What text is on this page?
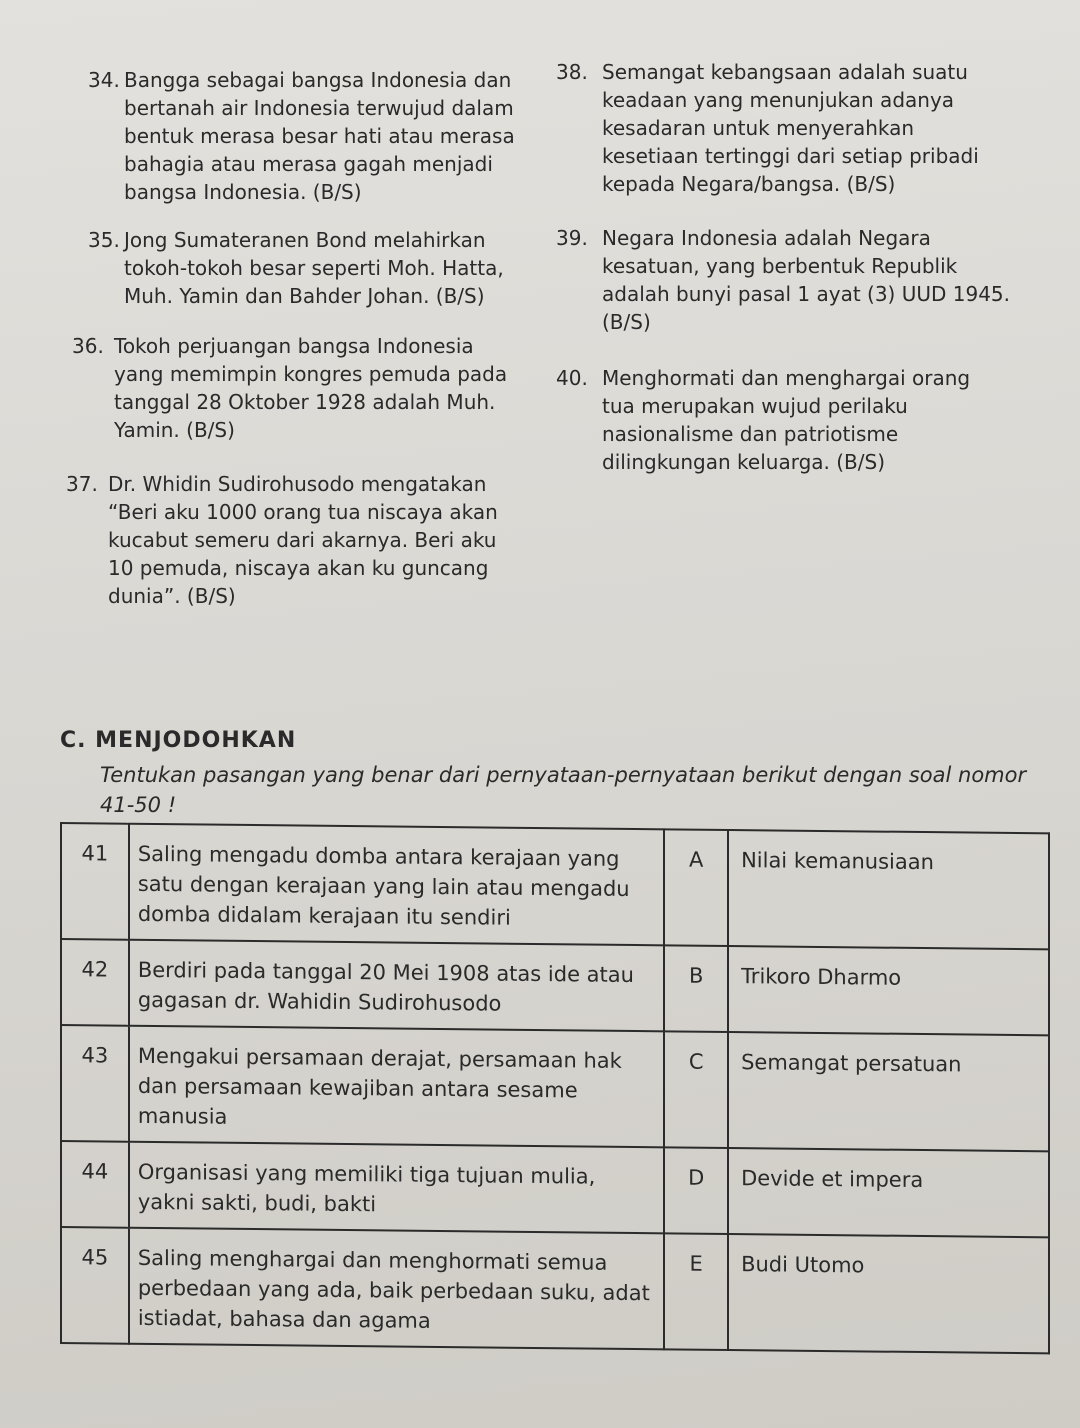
34. Bangga sebagai bangsa Indonesia dan
bertanah air Indonesia terwujud dalam
bentuk merasa besar hati atau merasa
bahagia atau merasa gagah menjadi
bangsa Indonesia. (B/S)
35. Jong Sumateranen Bond melahirkan
tokoh-tokoh besar seperti Moh. Hatta,
Muh. Yamin dan Bahder Johan. (B/S)
36. Tokoh perjuangan bangsa Indonesia
yang memimpin kongres pemuda pada
tanggal 28 Oktober 1928 adalah Muh.
Yamin. (B/S)
37. Dr. Whidin Sudirohusodo mengatakan
“Beri aku 1000 orang tua niscaya akan
kucabut semeru dari akarnya. Beri aku
10 pemuda, niscaya akan ku guncang
dunia”. (B/S)
38. Semangat kebangsaan adalah suatu
keadaan yang menunjukan adanya
kesadaran untuk menyerahkan
kesetiaan tertinggi dari setiap pribadi
kepada Negara/bangsa. (B/S)
39. Negara Indonesia adalah Negara
kesatuan, yang berbentuk Republik
adalah bunyi pasal 1 ayat (3) UUD 1945.
(B/S)
40. Menghormati dan menghargai orang
tua merupakan wujud perilaku
nasionalisme dan patriotisme
dilingkungan keluarga. (B/S)
C. MENJODOHKAN
Tentukan pasangan yang benar dari pernyataan-pernyataan berikut dengan soal nomor 41-50 !
41	Saling mengadu domba antara kerajaan yang satu dengan kerajaan yang lain atau mengadu domba didalam kerajaan itu sendiri	A	Nilai kemanusiaan
42	Berdiri pada tanggal 20 Mei 1908 atas ide atau gagasan dr. Wahidin Sudirohusodo	B	Trikoro Dharmo
43	Mengakui persamaan derajat, persamaan hak dan persamaan kewajiban antara sesame manusia	C	Semangat persatuan
44	Organisasi yang memiliki tiga tujuan mulia, yakni sakti, budi, bakti	D	Devide et impera
45	Saling menghargai dan menghormati semua perbedaan yang ada, baik perbedaan suku, adat istiadat, bahasa dan agama	E	Budi Utomo
